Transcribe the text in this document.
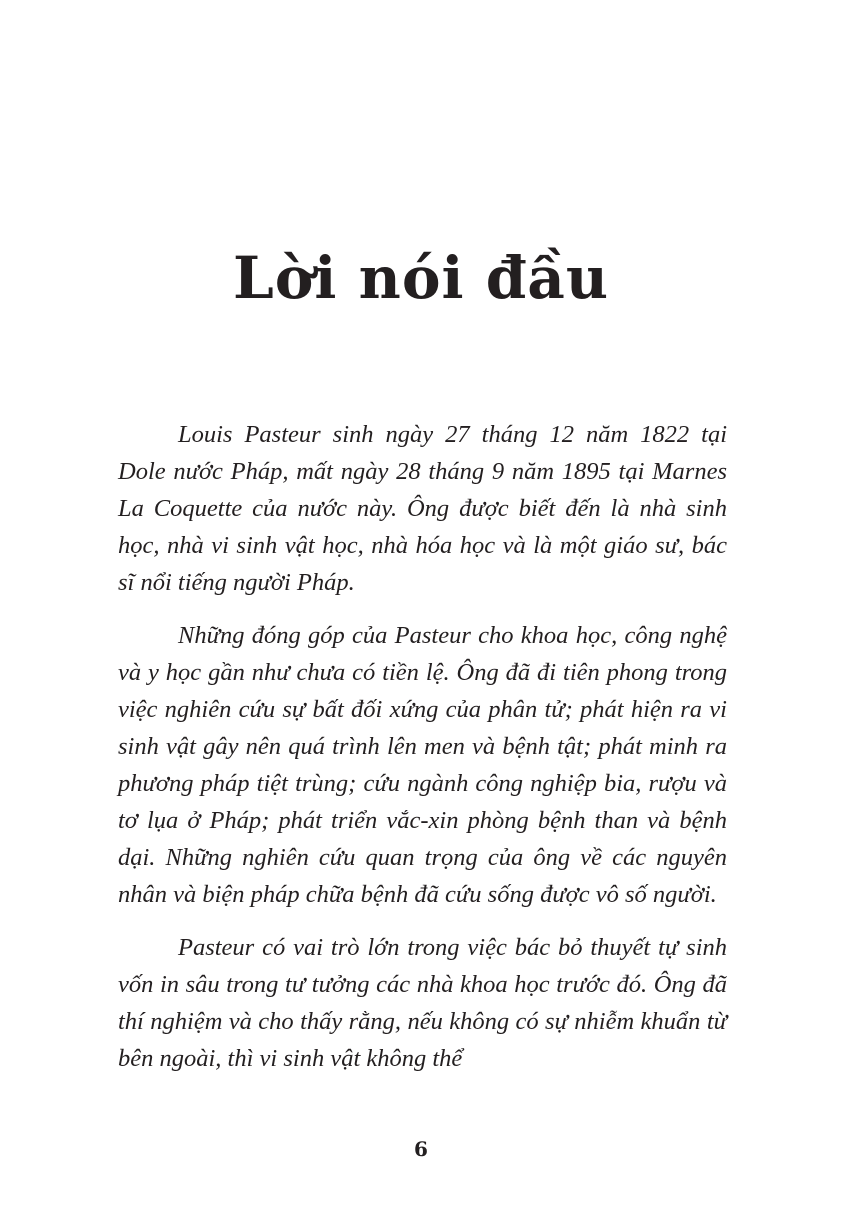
Lời nói đầu

Louis Pasteur sinh ngày 27 tháng 12 năm 1822 tại Dole nước Pháp, mất ngày 28 tháng 9 năm 1895 tại Marnes La Coquette của nước này. Ông được biết đến là nhà sinh học, nhà vi sinh vật học, nhà hóa học và là một giáo sư, bác sĩ nổi tiếng người Pháp.

Những đóng góp của Pasteur cho khoa học, công nghệ và y học gần như chưa có tiền lệ. Ông đã đi tiên phong trong việc nghiên cứu sự bất đối xứng của phân tử; phát hiện ra vi sinh vật gây nên quá trình lên men và bệnh tật; phát minh ra phương pháp tiệt trùng; cứu ngành công nghiệp bia, rượu và tơ lụa ở Pháp; phát triển vắc-xin phòng bệnh than và bệnh dại. Những nghiên cứu quan trọng của ông về các nguyên nhân và biện pháp chữa bệnh đã cứu sống được vô số người.

Pasteur có vai trò lớn trong việc bác bỏ thuyết tự sinh vốn in sâu trong tư tưởng các nhà khoa học trước đó. Ông đã thí nghiệm và cho thấy rằng, nếu không có sự nhiễm khuẩn từ bên ngoài, thì vi sinh vật không thể

6
